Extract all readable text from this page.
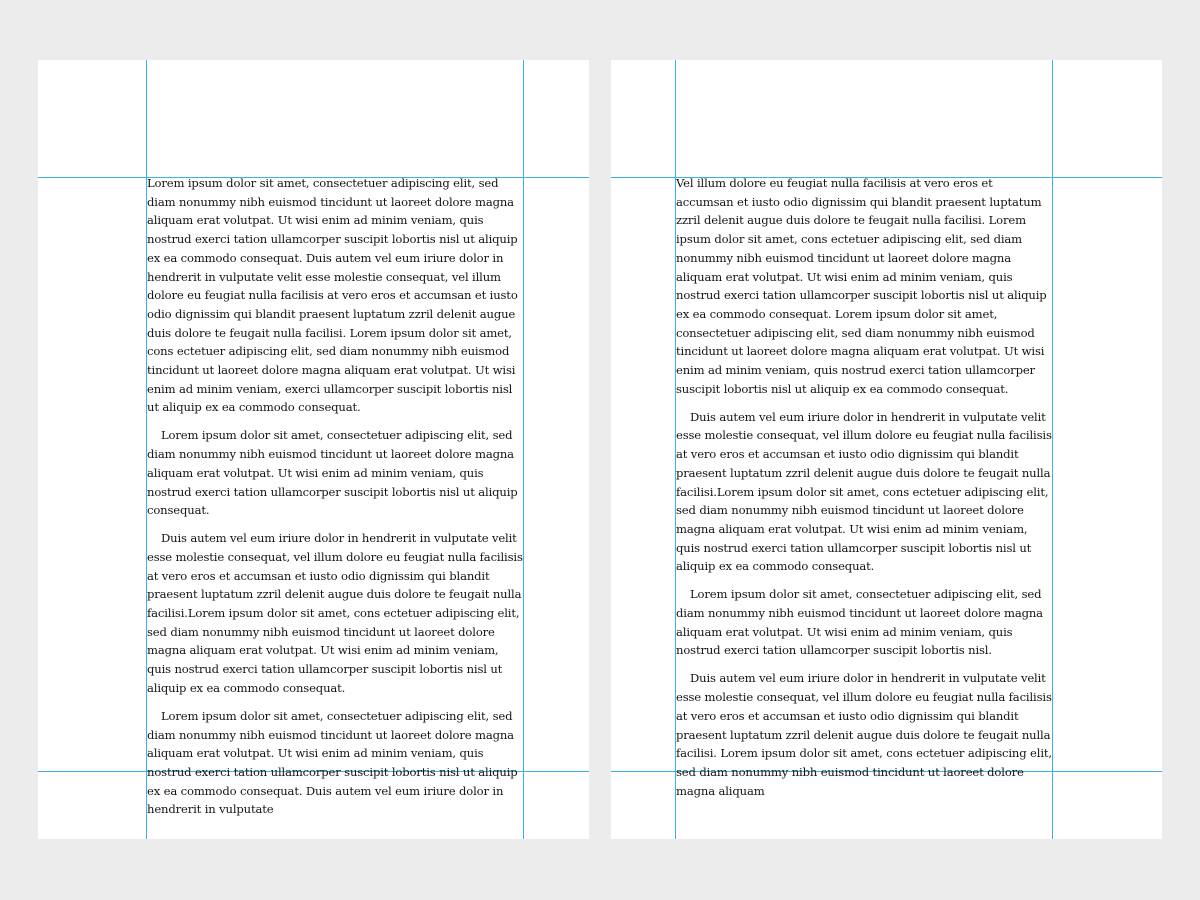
Lorem ipsum dolor sit amet, consectetuer adipiscing elit, sed diam nonummy nibh euismod tincidunt ut laoreet dolore magna aliquam erat volutpat. Ut wisi enim ad minim veniam, quis nostrud exerci tation ullamcorper suscipit lobortis nisl ut aliquip ex ea commodo consequat. Duis autem vel eum iriure dolor in hendrerit in vulputate velit esse molestie consequat, vel illum dolore eu feugiat nulla facilisis at vero eros et accumsan et iusto odio dignissim qui blandit praesent luptatum zzril delenit augue duis dolore te feugait nulla facilisi. Lorem ipsum dolor sit amet, cons ectetuer adipiscing elit, sed diam nonummy nibh euismod tincidunt ut laoreet dolore magna aliquam erat volutpat. Ut wisi enim ad minim veniam, exerci ullamcorper suscipit lobortis nisl ut aliquip ex ea commodo consequat.

Lorem ipsum dolor sit amet, consectetuer adipiscing elit, sed diam nonummy nibh euismod tincidunt ut laoreet dolore magna aliquam erat volutpat. Ut wisi enim ad minim veniam, quis nostrud exerci tation ullamcorper suscipit lobortis nisl ut aliquip consequat.

Duis autem vel eum iriure dolor in hendrerit in vulputate velit esse molestie consequat, vel illum dolore eu feugiat nulla facilisis at vero eros et accumsan et iusto odio dignissim qui blandit praesent luptatum zzril delenit augue duis dolore te feugait nulla facilisi.Lorem ipsum dolor sit amet, cons ectetuer adipiscing elit, sed diam nonummy nibh euismod tincidunt ut laoreet dolore magna aliquam erat volutpat. Ut wisi enim ad minim veniam, quis nostrud exerci tation ullamcorper suscipit lobortis nisl ut aliquip ex ea commodo consequat.

Lorem ipsum dolor sit amet, consectetuer adipiscing elit, sed diam nonummy nibh euismod tincidunt ut laoreet dolore magna aliquam erat volutpat. Ut wisi enim ad minim veniam, quis nostrud exerci tation ullamcorper suscipit lobortis nisl ut aliquip ex ea commodo consequat. Duis autem vel eum iriure dolor in hendrerit in vulputate

Vel illum dolore eu feugiat nulla facilisis at vero eros et accumsan et iusto odio dignissim qui blandit praesent luptatum zzril delenit augue duis dolore te feugait nulla facilisi. Lorem ipsum dolor sit amet, cons ectetuer adipiscing elit, sed diam nonummy nibh euismod tincidunt ut laoreet dolore magna aliquam erat volutpat. Ut wisi enim ad minim veniam, quis nostrud exerci tation ullamcorper suscipit lobortis nisl ut aliquip ex ea commodo consequat. Lorem ipsum dolor sit amet, consectetuer adipiscing elit, sed diam nonummy nibh euismod tincidunt ut laoreet dolore magna aliquam erat volutpat. Ut wisi enim ad minim veniam, quis nostrud exerci tation ullamcorper suscipit lobortis nisl ut aliquip ex ea commodo consequat.

Duis autem vel eum iriure dolor in hendrerit in vulputate velit esse molestie consequat, vel illum dolore eu feugiat nulla facilisis at vero eros et accumsan et iusto odio dignissim qui blandit praesent luptatum zzril delenit augue duis dolore te feugait nulla facilisi.Lorem ipsum dolor sit amet, cons ectetuer adipiscing elit, sed diam nonummy nibh euismod tincidunt ut laoreet dolore magna aliquam erat volutpat. Ut wisi enim ad minim veniam, quis nostrud exerci tation ullamcorper suscipit lobortis nisl ut aliquip ex ea commodo consequat.

Lorem ipsum dolor sit amet, consectetuer adipiscing elit, sed diam nonummy nibh euismod tincidunt ut laoreet dolore magna aliquam erat volutpat. Ut wisi enim ad minim veniam, quis nostrud exerci tation ullamcorper suscipit lobortis nisl.

Duis autem vel eum iriure dolor in hendrerit in vulputate velit esse molestie consequat, vel illum dolore eu feugiat nulla facilisis at vero eros et accumsan et iusto odio dignissim qui blandit praesent luptatum zzril delenit augue duis dolore te feugait nulla facilisi. Lorem ipsum dolor sit amet, cons ectetuer adipiscing elit, sed diam nonummy nibh euismod tincidunt ut laoreet dolore magna aliquam
